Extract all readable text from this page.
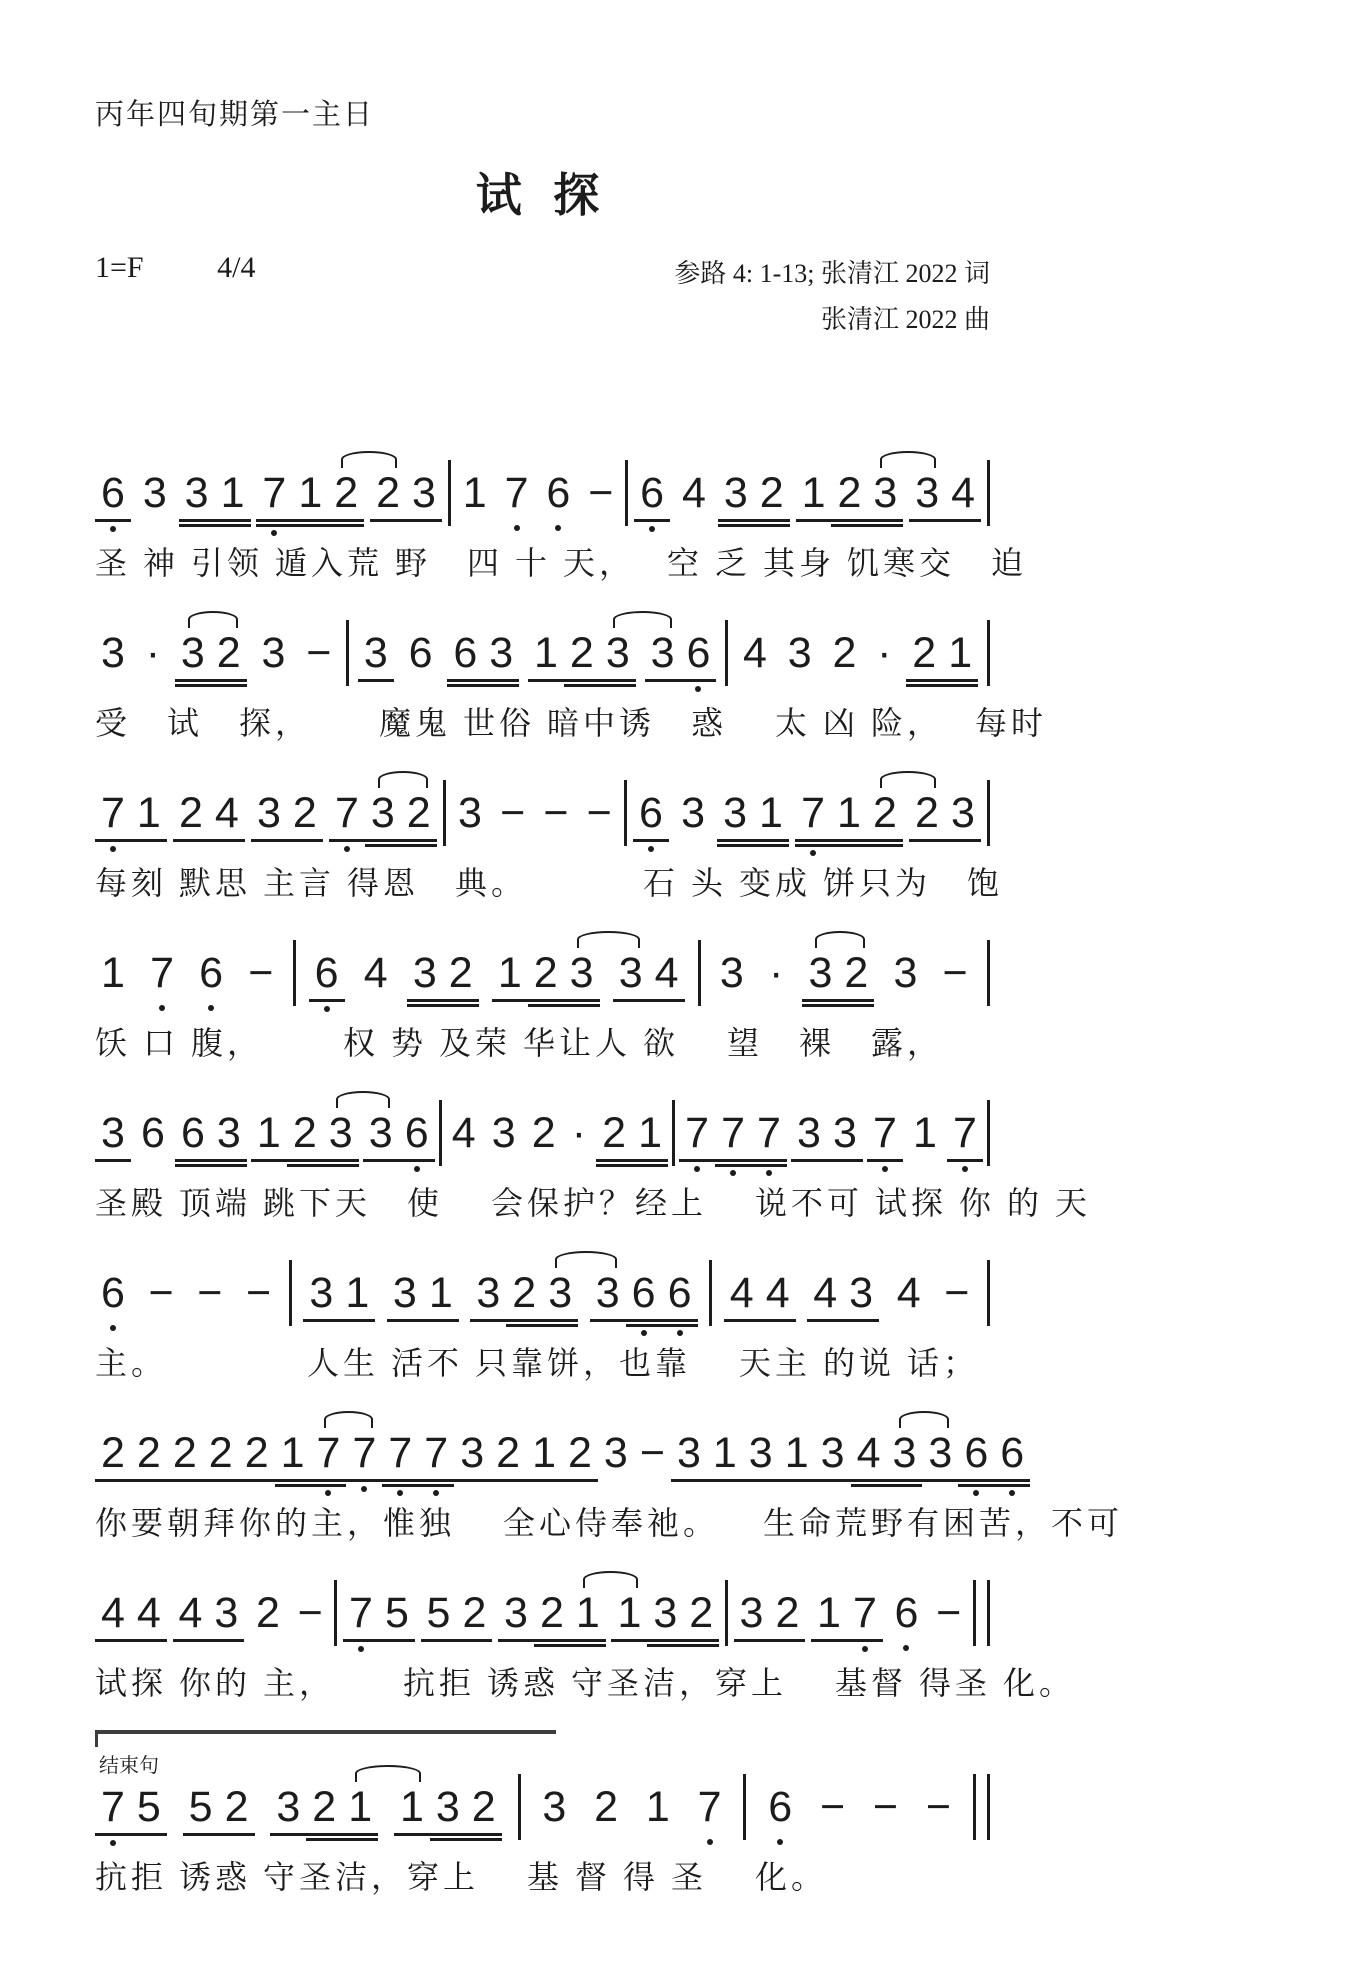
丙年四旬期第一主日
试 探
1=F 4/4	参路 4: 1-13; 张清江 2022 词
张清江 2022 曲
6 3 3 1 7 1 2 2 3 1 7 6 − 6 4 3 2 1 2 3 3 4
圣 神 引领 遁入荒 野　四 十 天，　 空 乏 其身 饥寒交　迫
3 · 3 2 3 − 3 6 6 3 1 2 3 3 6 4 3 2 · 2 1
受　试　探，　　 魔鬼 世俗 暗中诱　惑　 太 凶 险，　 每时
7 1 2 4 3 2 7 3 2 3 − − − 6 3 3 1 7 1 2 2 3
每刻 默思 主言 得恩　典。　　　  石 头 变成 饼只为　饱
1 7 6 − 6 4 3 2 1 2 3 3 4 3 · 3 2 3 −
饫 口 腹，　　  权 势 及荣 华让人 欲　 望　裸　露，
3 6 6 3 1 2 3 3 6 4 3 2 · 2 1 7 7 7 3 3 7 1 7
圣殿 顶端 跳下天　使　 会保护？经上　 说不可 试探 你 的 天
6 − − − 3 1 3 1 3 2 3 3 6 6 4 4 4 3 4 −
主。　　　　 人生 活不 只靠饼，也靠　 天主 的说 话；
2 2 2 2 2 1 7 7 7 7 3 2 1 2 3 − 3 1 3 1 3 4 3 3 6 6
你要朝拜你的主，惟独　 全心侍奉祂。　  生命荒野有困苦，不可
4 4 4 3 2 − 7 5 5 2 3 2 1 1 3 2 3 2 1 7 6 −
试探 你的 主，　　 抗拒 诱惑 守圣洁，穿上　 基督 得圣 化。
结束句
7 5 5 2 3 2 1 1 3 2 3 2 1 7 6 − − −
抗拒 诱惑 守圣洁，穿上　 基 督 得 圣　 化。
